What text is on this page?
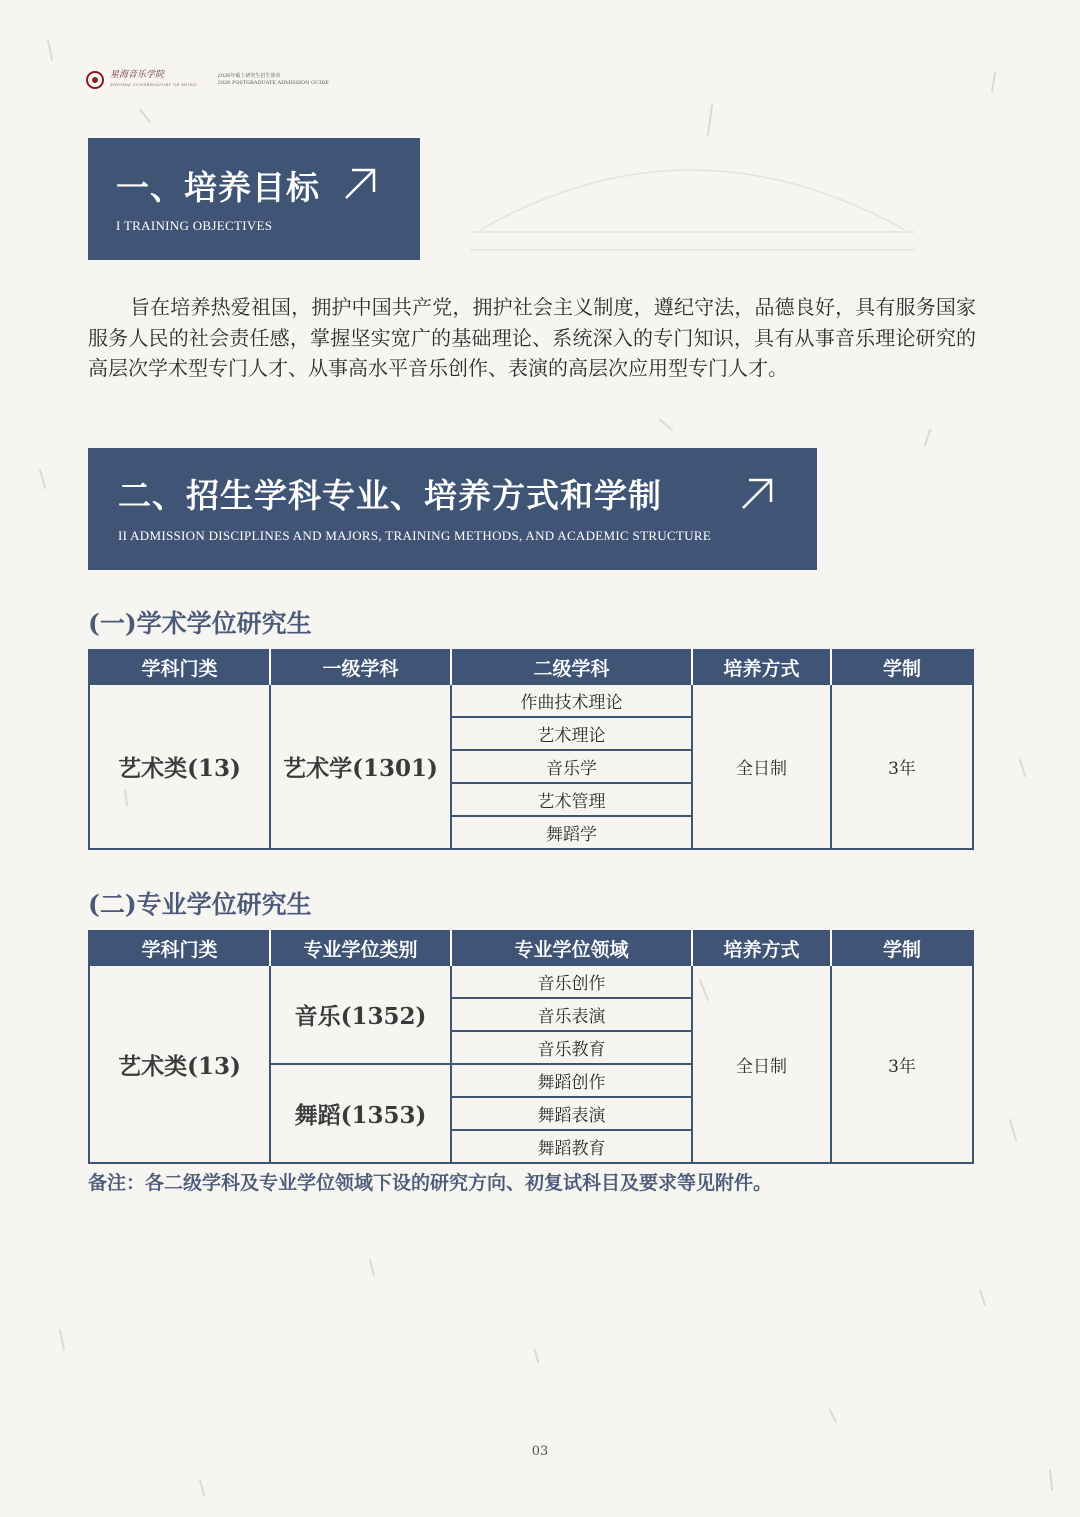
星海音乐学院
XINGHAI CONSERVATORY OF MUSIC
2026年硕士研究生招生简章
2026 POSTGRADUATE ADMISSION GUIDE
一、培养目标
I TRAINING OBJECTIVES

旨在培养热爱祖国，拥护中国共产党，拥护社会主义制度，遵纪守法，品德良好，具有服务国家服务人民的社会责任感，掌握坚实宽广的基础理论、系统深入的专门知识，具有从事音乐理论研究的高层次学术型专门人才、从事高水平音乐创作、表演的高层次应用型专门人才。

二、招生学科专业、培养方式和学制
II ADMISSION DISCIPLINES AND MAJORS, TRAINING METHODS, AND ACADEMIC STRUCTURE
(一)学术学位研究生
学科门类	一级学科	二级学科	培养方式	学制
艺术类(13)	艺术学(1301)	作曲技术理论	全日制	3年
		艺术理论		
		音乐学		
		艺术管理		
		舞蹈学		
(二)专业学位研究生
学科门类	专业学位类别	专业学位领域	培养方式	学制
艺术类(13)	音乐(1352)	音乐创作	全日制	3年
		音乐表演		
		音乐教育		
	舞蹈(1353)	舞蹈创作		
		舞蹈表演		
		舞蹈教育		

备注：各二级学科及专业学位领域下设的研究方向、初复试科目及要求等见附件。

03
